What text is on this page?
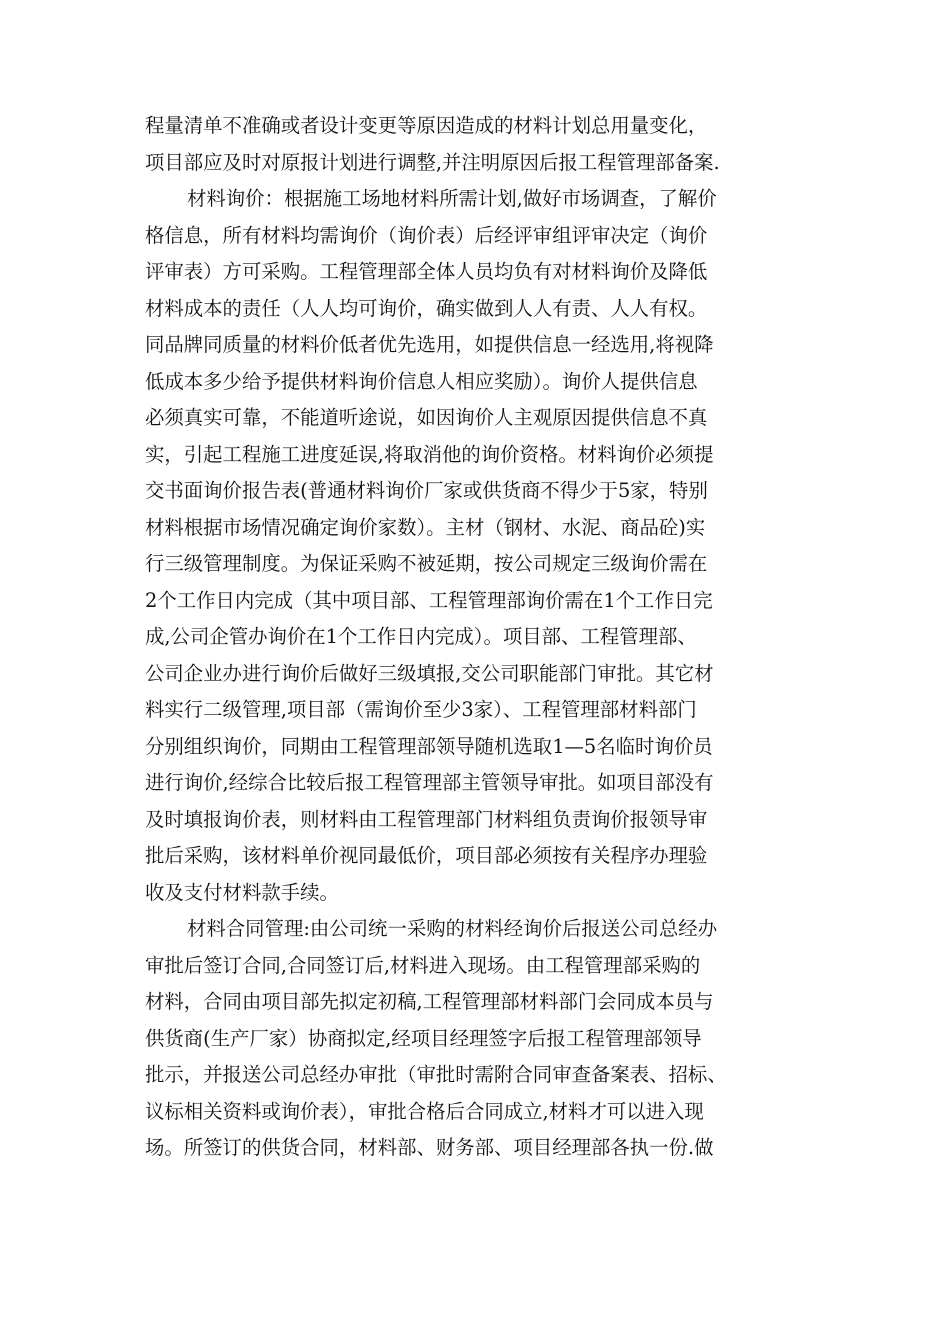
程量清单不准确或者设计变更等原因造成的材料计划总用量变化，
项目部应及时对原报计划进行调整,并注明原因后报工程管理部备案.
材料询价：根据施工场地材料所需计划,做好市场调查，了解价
格信息，所有材料均需询价（询价表）后经评审组评审决定（询价
评审表）方可采购。工程管理部全体人员均负有对材料询价及降低
材料成本的责任（人人均可询价，确实做到人人有责、人人有权。
同品牌同质量的材料价低者优先选用，如提供信息一经选用,将视降
低成本多少给予提供材料询价信息人相应奖励）。询价人提供信息
必须真实可靠，不能道听途说，如因询价人主观原因提供信息不真
实，引起工程施工进度延误,将取消他的询价资格。材料询价必须提
交书面询价报告表(普通材料询价厂家或供货商不得少于5家，特别
材料根据市场情况确定询价家数）。主材（钢材、水泥、商品砼)实
行三级管理制度。为保证采购不被延期，按公司规定三级询价需在
2个工作日内完成（其中项目部、工程管理部询价需在1个工作日完
成,公司企管办询价在1个工作日内完成）。项目部、工程管理部、
公司企业办进行询价后做好三级填报,交公司职能部门审批。其它材
料实行二级管理,项目部（需询价至少3家）、工程管理部材料部门
分别组织询价，同期由工程管理部领导随机选取1—5名临时询价员
进行询价,经综合比较后报工程管理部主管领导审批。如项目部没有
及时填报询价表，则材料由工程管理部门材料组负责询价报领导审
批后采购，该材料单价视同最低价，项目部必须按有关程序办理验
收及支付材料款手续。
材料合同管理:由公司统一采购的材料经询价后报送公司总经办
审批后签订合同,合同签订后,材料进入现场。由工程管理部采购的
材料，合同由项目部先拟定初稿,工程管理部材料部门会同成本员与
供货商(生产厂家）协商拟定,经项目经理签字后报工程管理部领导
批示，并报送公司总经办审批（审批时需附合同审查备案表、招标、
议标相关资料或询价表），审批合格后合同成立,材料才可以进入现
场。所签订的供货合同，材料部、财务部、项目经理部各执一份.做
